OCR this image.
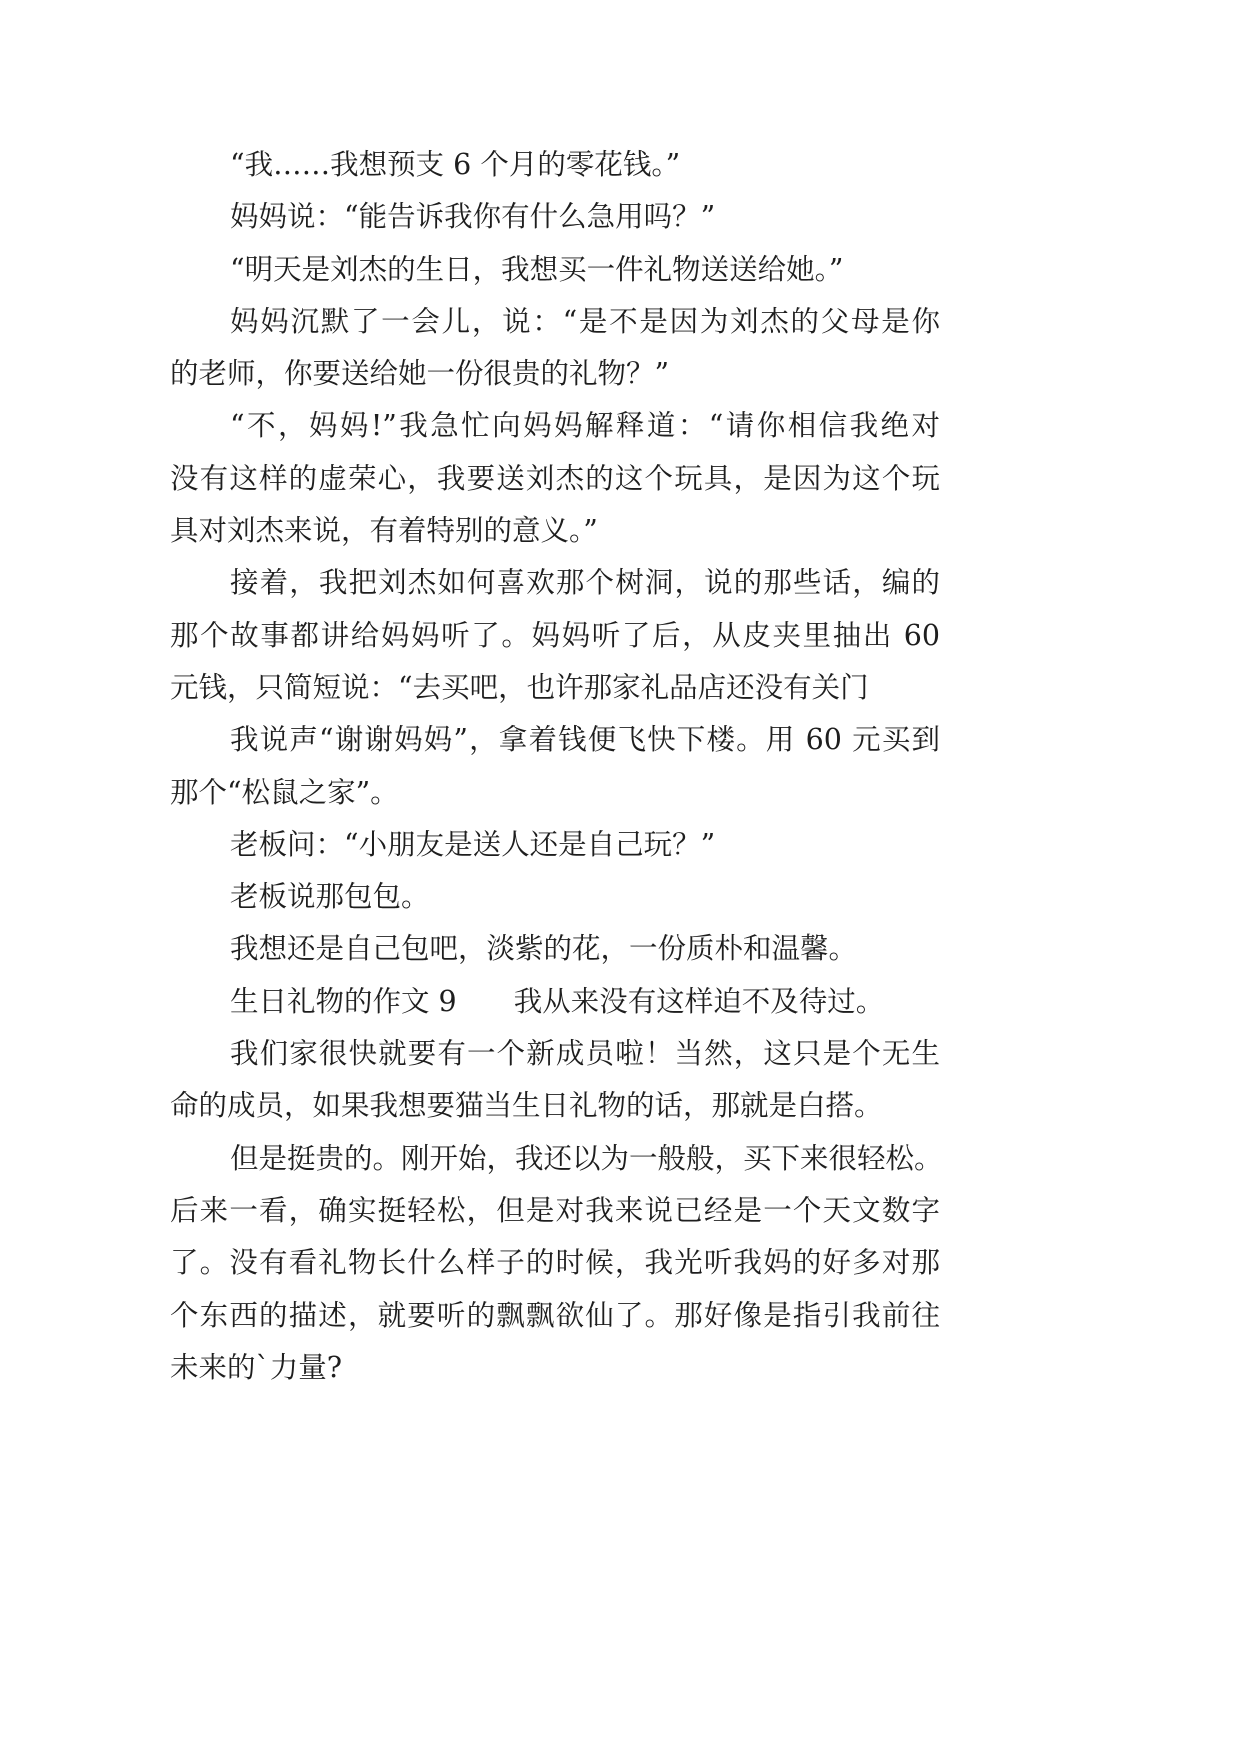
“我……我想预支 6 个月的零花钱。”
妈妈说：“能告诉我你有什么急用吗？”
“明天是刘杰的生日，我想买一件礼物送送给她。”
妈妈沉默了一会儿，说：“是不是因为刘杰的父母是你
的老师，你要送给她一份很贵的礼物？”
“不，妈妈!”我急忙向妈妈解释道：“请你相信我绝对
没有这样的虚荣心，我要送刘杰的这个玩具，是因为这个玩
具对刘杰来说，有着特别的意义。”
接着，我把刘杰如何喜欢那个树洞，说的那些话，编的
那个故事都讲给妈妈听了。妈妈听了后，从皮夹里抽出 60
元钱，只简短说：“去买吧，也许那家礼品店还没有关门
我说声“谢谢妈妈”，拿着钱便飞快下楼。用 60 元买到
那个“松鼠之家”。
老板问：“小朋友是送人还是自己玩？”
老板说那包包。
我想还是自己包吧，淡紫的花，一份质朴和温馨。
生日礼物的作文 9　　我从来没有这样迫不及待过。
我们家很快就要有一个新成员啦！当然，这只是个无生
命的成员，如果我想要猫当生日礼物的话，那就是白搭。
但是挺贵的。刚开始，我还以为一般般，买下来很轻松。
后来一看，确实挺轻松，但是对我来说已经是一个天文数字
了。没有看礼物长什么样子的时候，我光听我妈的好多对那
个东西的描述，就要听的飘飘欲仙了。那好像是指引我前往
未来的`力量?
